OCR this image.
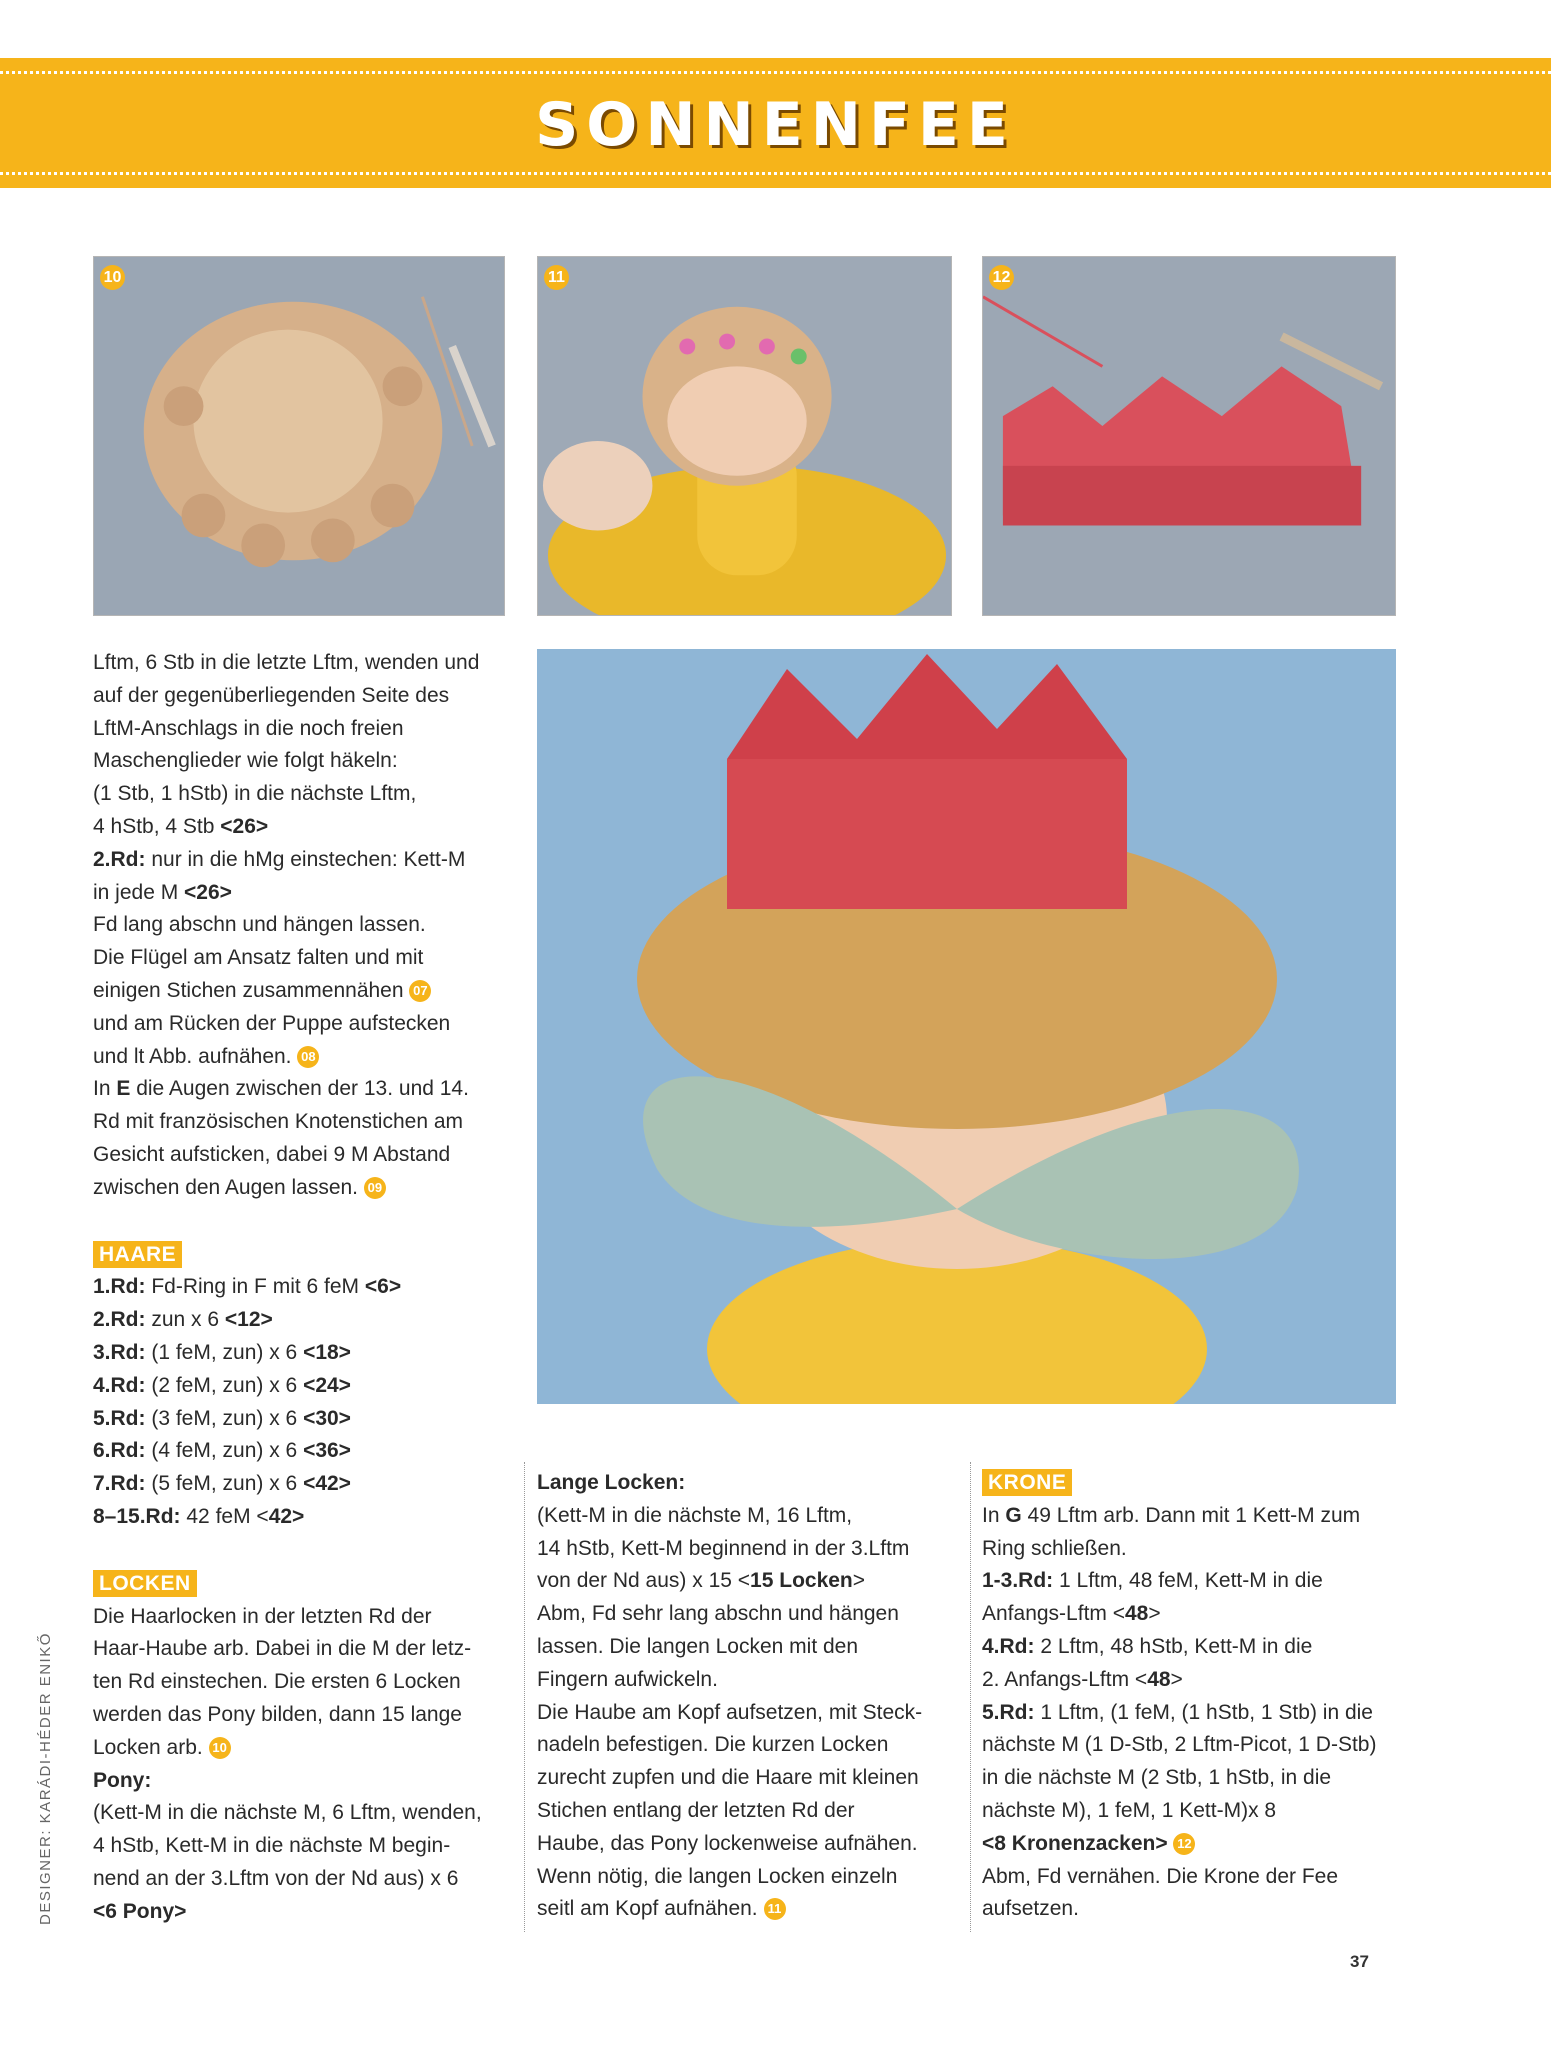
SONNENFEE
10	11	12

Lftm, 6 Stb in die letzte Lftm, wenden und

auf der gegenüberliegenden Seite des

LftM-Anschlags in die noch freien

Maschenglieder wie folgt häkeln:

(1 Stb, 1 hStb) in die nächste Lftm,

4 hStb, 4 Stb <26>

2.Rd: nur in die hMg einstechen: Kett-M

in jede M <26>

Fd lang abschn und hängen lassen.

Die Flügel am Ansatz falten und mit

einigen Stichen zusammennähen 07

und am Rücken der Puppe aufstecken

und lt Abb. aufnähen. 08

In E die Augen zwischen der 13. und 14.

Rd mit französischen Knotenstichen am

Gesicht aufsticken, dabei 9 M Abstand

zwischen den Augen lassen. 09

HAARE

1.Rd: Fd-Ring in F mit 6 feM <6>

2.Rd: zun x 6 <12>

3.Rd: (1 feM, zun) x 6 <18>

4.Rd: (2 feM, zun) x 6 <24>

5.Rd: (3 feM, zun) x 6 <30>

6.Rd: (4 feM, zun) x 6 <36>

7.Rd: (5 feM, zun) x 6 <42>

8–15.Rd: 42 feM <42>

LOCKEN

Die Haarlocken in der letzten Rd der

Haar-Haube arb. Dabei in die M der letz-

ten Rd einstechen. Die ersten 6 Locken

werden das Pony bilden, dann 15 lange

Locken arb. 10

Pony:

(Kett-M in die nächste M, 6 Lftm, wenden,

4 hStb, Kett-M in die nächste M begin-

nend an der 3.Lftm von der Nd aus) x 6

<6 Pony>

Lange Locken:

(Kett-M in die nächste M, 16 Lftm,

14 hStb, Kett-M beginnend in der 3.Lftm

von der Nd aus) x 15 <15 Locken>

Abm, Fd sehr lang abschn und hängen

lassen. Die langen Locken mit den

Fingern aufwickeln.

Die Haube am Kopf aufsetzen, mit Steck-

nadeln befestigen. Die kurzen Locken

zurecht zupfen und die Haare mit kleinen

Stichen entlang der letzten Rd der

Haube, das Pony lockenweise aufnähen.

Wenn nötig, die langen Locken einzeln

seitl am Kopf aufnähen. 11

KRONE

In G 49 Lftm arb. Dann mit 1 Kett-M zum

Ring schließen.

1-3.Rd: 1 Lftm, 48 feM, Kett-M in die

Anfangs-Lftm <48>

4.Rd: 2 Lftm, 48 hStb, Kett-M in die

2. Anfangs-Lftm <48>

5.Rd: 1 Lftm, (1 feM, (1 hStb, 1 Stb) in die

nächste M (1 D-Stb, 2 Lftm-Picot, 1 D-Stb)

in die nächste M (2 Stb, 1 hStb, in die

nächste M), 1 feM, 1 Kett-M)x 8

<8 Kronenzacken> 12

Abm, Fd vernähen. Die Krone der Fee

aufsetzen.

DESIGNER: KARÁDI-HÉDER ENIKŐ
37
